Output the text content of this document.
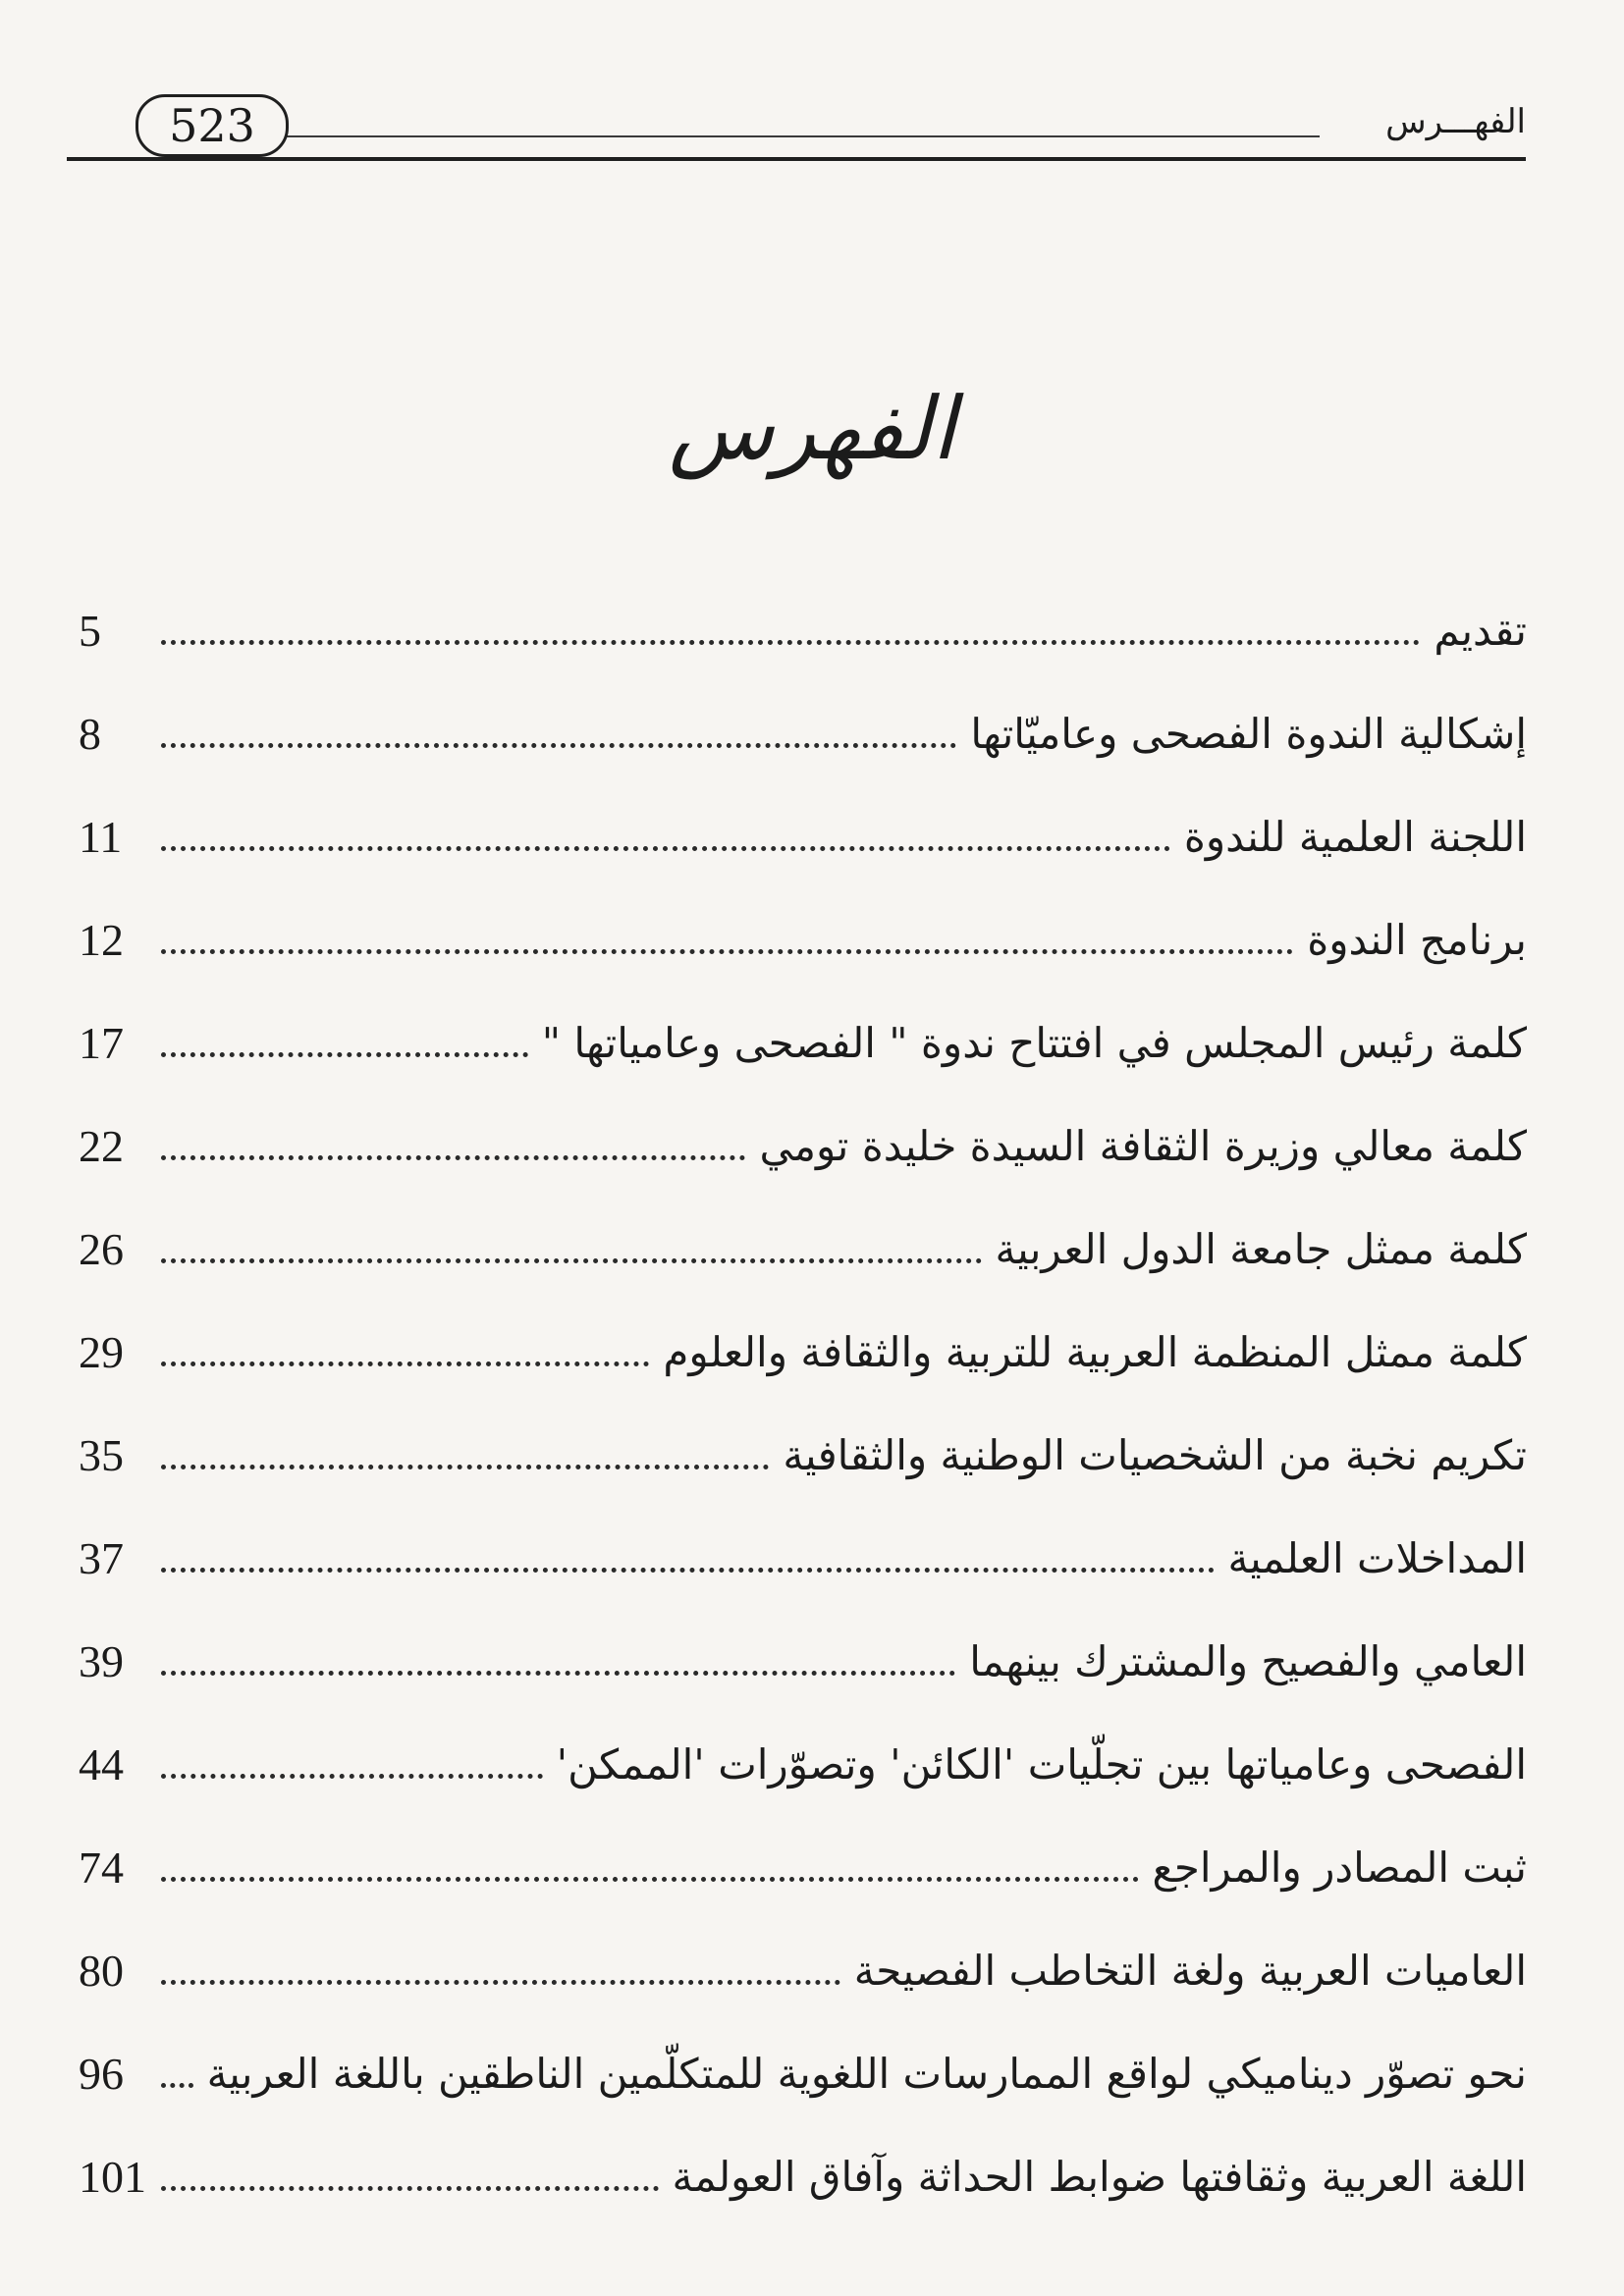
523	الفهـــرس
الفهرس
تقديم
5
إشكالية الندوة الفصحى وعاميّاتها
8
اللجنة العلمية للندوة
11
برنامج الندوة
12
كلمة رئيس المجلس في افتتاح ندوة " الفصحى وعامياتها "
17
كلمة معالي وزيرة الثقافة السيدة خليدة تومي
22
كلمة ممثل جامعة الدول العربية
26
كلمة ممثل المنظمة العربية للتربية والثقافة والعلوم
29
تكريم نخبة من الشخصيات الوطنية والثقافية
35
المداخلات العلمية
37
العامي والفصيح والمشترك بينهما
39
الفصحى وعامياتها بين تجلّيات 'الكائن' وتصوّرات 'الممكن'
44
ثبت المصادر والمراجع
74
العاميات العربية ولغة التخاطب الفصيحة
80
نحو تصوّر ديناميكي لواقع الممارسات اللغوية للمتكلّمين الناطقين باللغة العربية
96
اللغة العربية وثقافتها ضوابط الحداثة وآفاق العولمة
101
